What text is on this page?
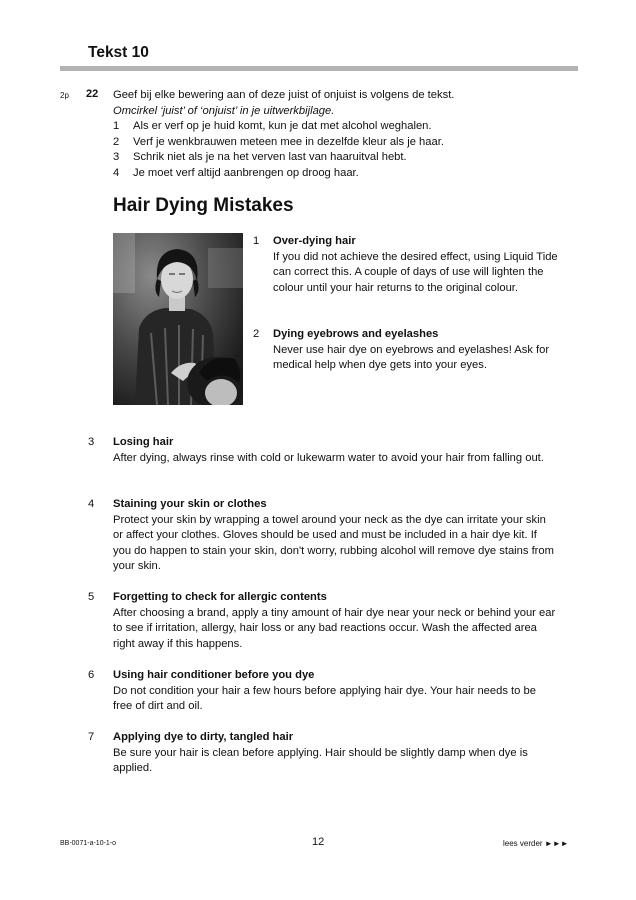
Tekst 10
2p 22 Geef bij elke bewering aan of deze juist of onjuist is volgens de tekst.
Omcirkel ‘juist’ of ‘onjuist’ in je uitwerkbijlage.
1	Als er verf op je huid komt, kun je dat met alcohol weghalen.
2	Verf je wenkbrauwen meteen mee in dezelfde kleur als je haar.
3	Schrik niet als je na het verven last van haaruitval hebt.
4	Je moet verf altijd aanbrengen op droog haar.
Hair Dying Mistakes
1 Over-dying hair
If you did not achieve the desired effect, using Liquid Tide can correct this. A couple of days of use will lighten the colour until your hair returns to the original colour.
2 Dying eyebrows and eyelashes
Never use hair dye on eyebrows and eyelashes! Ask for medical help when dye gets into your eyes.
3 Losing hair
After dying, always rinse with cold or lukewarm water to avoid your hair from falling out.
4 Staining your skin or clothes
Protect your skin by wrapping a towel around your neck as the dye can irritate your skin or affect your clothes. Gloves should be used and must be included in a hair dye kit. If you do happen to stain your skin, don't worry, rubbing alcohol will remove dye stains from your skin.
5 Forgetting to check for allergic contents
After choosing a brand, apply a tiny amount of hair dye near your neck or behind your ear to see if irritation, allergy, hair loss or any bad reactions occur. Wash the affected area right away if this happens.
6 Using hair conditioner before you dye
Do not condition your hair a few hours before applying hair dye. Your hair needs to be free of dirt and oil.
7 Applying dye to dirty, tangled hair
Be sure your hair is clean before applying. Hair should be slightly damp when dye is applied.
BB-0071-a-10-1-o	12	lees verder ►►►
